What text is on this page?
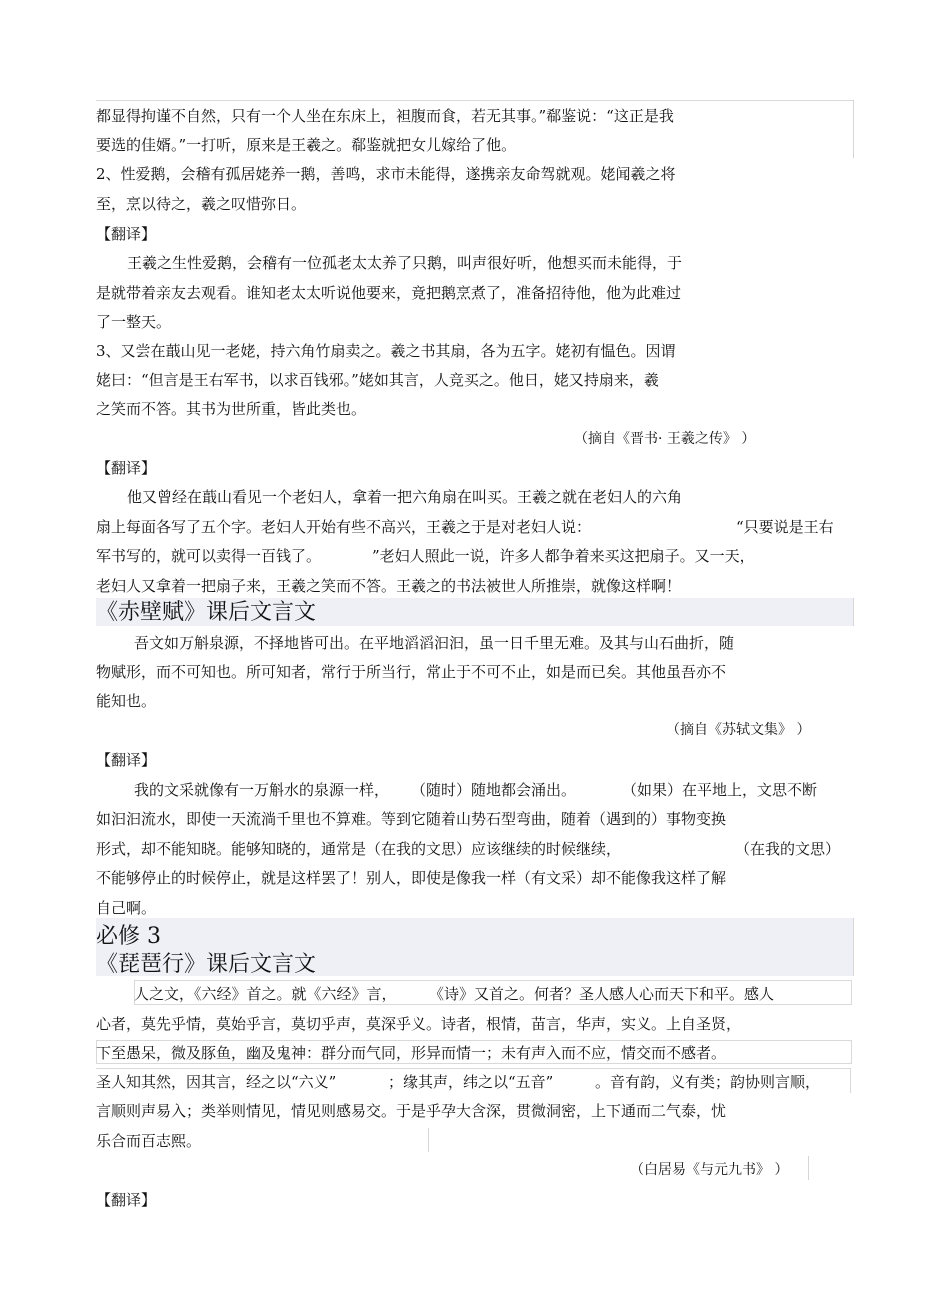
都显得拘谨不自然，只有一个人坐在东床上，袒腹而食，若无其事。”郗鉴说：“这正是我
要选的佳婿。”一打听，原来是王羲之。郗鉴就把女儿嫁给了他。
2、性爱鹅，会稽有孤居姥养一鹅，善鸣，求市未能得，遂携亲友命驾就观。姥闻羲之将
至，烹以待之，羲之叹惜弥日。
【翻译】
王羲之生性爱鹅，会稽有一位孤老太太养了只鹅，叫声很好听，他想买而未能得，于
是就带着亲友去观看。谁知老太太听说他要来，竟把鹅烹煮了，准备招待他，他为此难过
了一整天。
3、又尝在蕺山见一老姥，持六角竹扇卖之。羲之书其扇，各为五字。姥初有愠色。因谓
姥曰：“但言是王右军书，以求百钱邪。”姥如其言，人竞买之。他日，姥又持扇来，羲
之笑而不答。其书为世所重，皆此类也。
（摘自《晋书· 王羲之传》 ）
【翻译】
他又曾经在蕺山看见一个老妇人，拿着一把六角扇在叫买。王羲之就在老妇人的六角
扇上每面各写了五个字。老妇人开始有些不高兴，王羲之于是对老妇人说：	“只要说是王右
军书写的，就可以卖得一百钱了。	”老妇人照此一说，许多人都争着来买这把扇子。又一天，
老妇人又拿着一把扇子来，王羲之笑而不答。王羲之的书法被世人所推崇，就像这样啊！
《赤壁赋》课后文言文
吾文如万斛泉源，不择地皆可出。在平地滔滔汩汩，虽一日千里无难。及其与山石曲折，随
物赋形，而不可知也。所可知者，常行于所当行，常止于不可不止，如是而已矣。其他虽吾亦不
能知也。
（摘自《苏轼文集》 ）
【翻译】
我的文采就像有一万斛水的泉源一样， （随时）随地都会涌出。	（如果）在平地上，文思不断
如汩汩流水，即使一天流淌千里也不算难。等到它随着山势石型弯曲，随着（遇到的）事物变换
形式，却不能知晓。能够知晓的，通常是（在我的文思）应该继续的时候继续，	（在我的文思）
不能够停止的时候停止，就是这样罢了！别人，即使是像我一样（有文采）却不能像我这样了解
自己啊。
必修 3
《琵琶行》课后文言文
人之文，《六经》首之。就《六经》言， 《诗》又首之。何者？圣人感人心而天下和平。感人
心者，莫先乎情，莫始乎言，莫切乎声，莫深乎义。诗者，根情，苗言，华声，实义。上自圣贤，
下至愚呆，微及豚鱼，幽及鬼神：群分而气同，形异而情一；未有声入而不应，情交而不感者。
圣人知其然，因其言，经之以“六义”	；缘其声，纬之以“五音”	。音有韵，义有类；韵协则言顺，
言顺则声易入；类举则情见，情见则感易交。于是乎孕大含深，贯微洞密，上下通而二气泰，忧
乐合而百志熙。
（白居易《与元九书》 ）
【翻译】
